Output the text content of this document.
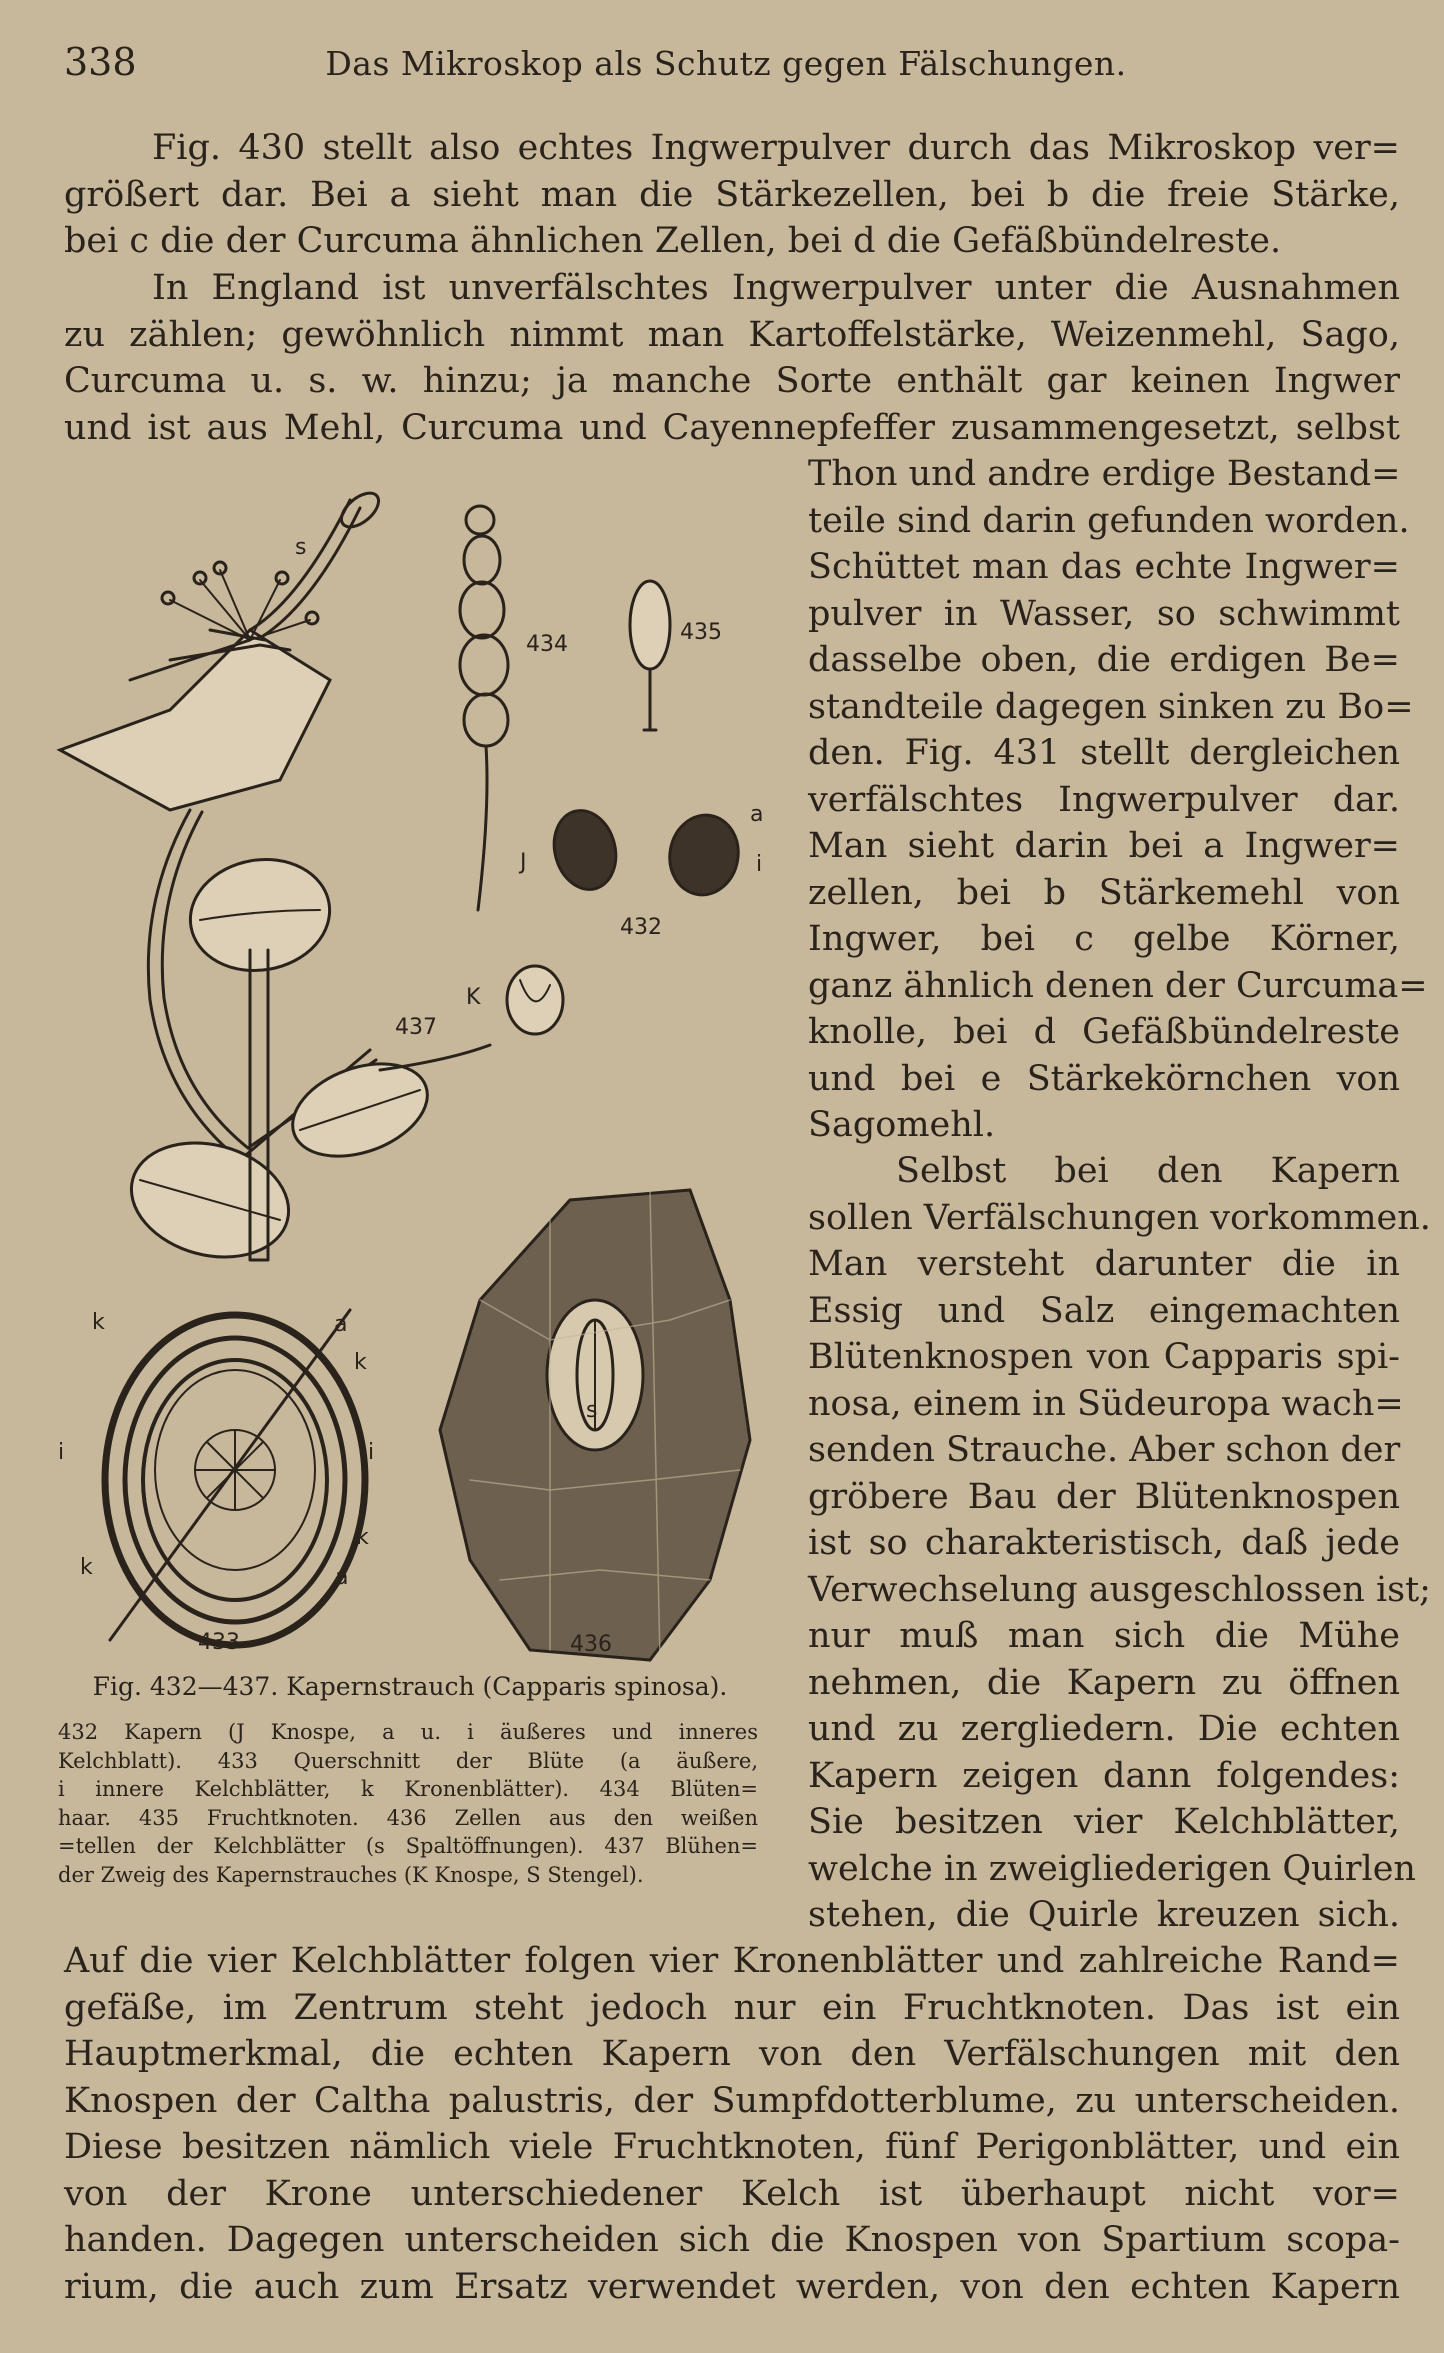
338	Das Mikroskop als Schutz gegen Fälschungen.
Fig. 430 stellt also echtes Ingwerpulver durch das Mikroskop ver=
größert dar. Bei a sieht man die Stärkezellen, bei b die freie Stärke,
bei c die der Curcuma ähnlichen Zellen, bei d die Gefäßbündelreste.
In England ist unverfälschtes Ingwerpulver unter die Ausnahmen
zu zählen; gewöhnlich nimmt man Kartoffelstärke, Weizenmehl, Sago,
Curcuma u. s. w. hinzu; ja manche Sorte enthält gar keinen Ingwer
und ist aus Mehl, Curcuma und Cayennepfeffer zusammengesetzt, selbst
Thon und andre erdige Bestand=
teile sind darin gefunden worden.
Schüttet man das echte Ingwer=
pulver in Wasser, so schwimmt
dasselbe oben, die erdigen Be=
standteile dagegen sinken zu Bo=
den. Fig. 431 stellt dergleichen
verfälschtes Ingwerpulver dar.
Man sieht darin bei a Ingwer=
zellen, bei b Stärkemehl von
Ingwer, bei c gelbe Körner,
ganz ähnlich denen der Curcuma=
knolle, bei d Gefäßbündelreste
und bei e Stärkekörnchen von
Sagomehl.
Selbst bei den Kapern
sollen Verfälschungen vorkommen.
Man versteht darunter die in
Essig und Salz eingemachten
Blütenknospen von Capparis spi-
nosa, einem in Südeuropa wach=
senden Strauche. Aber schon der
gröbere Bau der Blütenknospen
ist so charakteristisch, daß jede
Verwechselung ausgeschlossen ist;
nur muß man sich die Mühe
nehmen, die Kapern zu öffnen
und zu zergliedern. Die echten
Kapern zeigen dann folgendes:
Sie besitzen vier Kelchblätter,
welche in zweigliederigen Quirlen
stehen, die Quirle kreuzen sich.
Auf die vier Kelchblätter folgen vier Kronenblätter und zahlreiche Rand=
gefäße, im Zentrum steht jedoch nur ein Fruchtknoten. Das ist ein
Hauptmerkmal, die echten Kapern von den Verfälschungen mit den
Knospen der Caltha palustris, der Sumpfdotterblume, zu unterscheiden.
Diese besitzen nämlich viele Fruchtknoten, fünf Perigonblätter, und ein
von der Krone unterschiedener Kelch ist überhaupt nicht vor=
handen. Dagegen unterscheiden sich die Knospen von Spartium scopa-
rium, die auch zum Ersatz verwendet werden, von den echten Kapern
s
434	435
J
a
i
432
K
437
k	a
k
i	i
k
k	a
433	436
s
Fig. 432—437. Kapernstrauch (Capparis spinosa).
432 Kapern (J Knospe, a u. i äußeres und inneres
Kelchblatt). 433 Querschnitt der Blüte (a äußere,
i innere Kelchblätter, k Kronenblätter). 434 Blüten=
haar. 435 Fruchtknoten. 436 Zellen aus den weißen
=tellen der Kelchblätter (s Spaltöffnungen). 437 Blühen=
der Zweig des Kapernstrauches (K Knospe, S Stengel).
